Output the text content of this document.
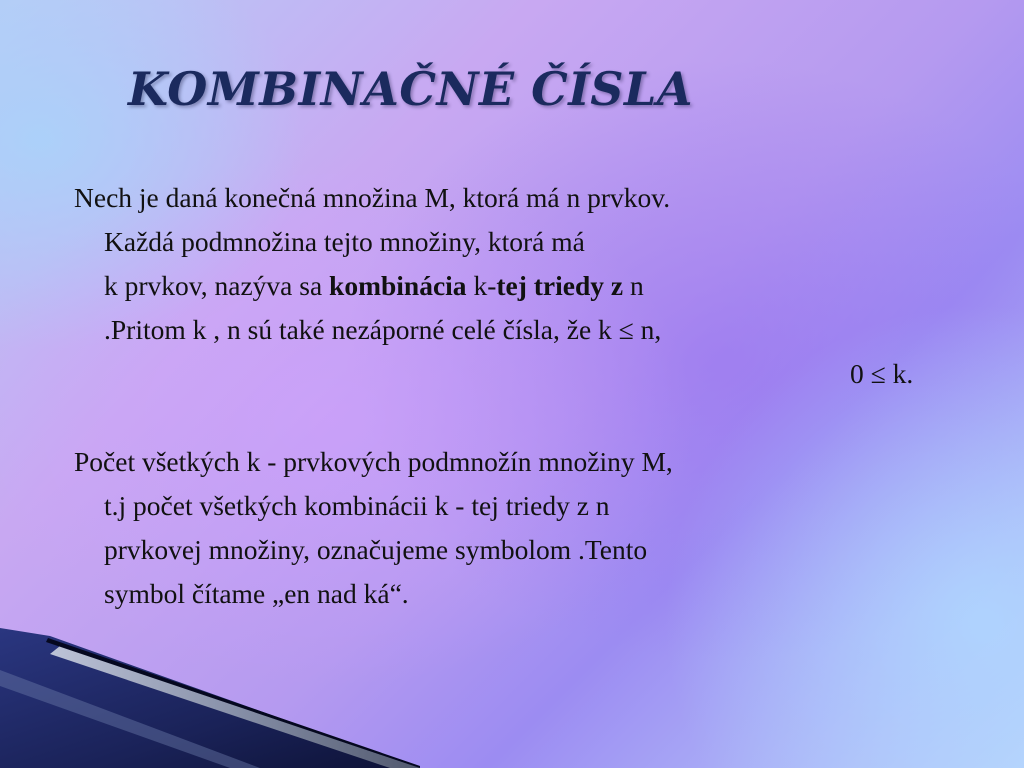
KOMBINAČNÉ ČÍSLA

Nech je daná konečná množina M, ktorá má n prvkov.
Každá podmnožina tejto množiny, ktorá má
k prvkov, nazýva sa kombinácia k-tej triedy z n
.Pritom k , n sú také nezáporné celé čísla, že k ≤ n,
0 ≤ k.

Počet všetkých k - prvkových podmnožín množiny M,
t.j počet všetkých kombinácii k - tej triedy z n
prvkovej množiny, označujeme symbolom .Tento
symbol čítame „en nad ká“.
